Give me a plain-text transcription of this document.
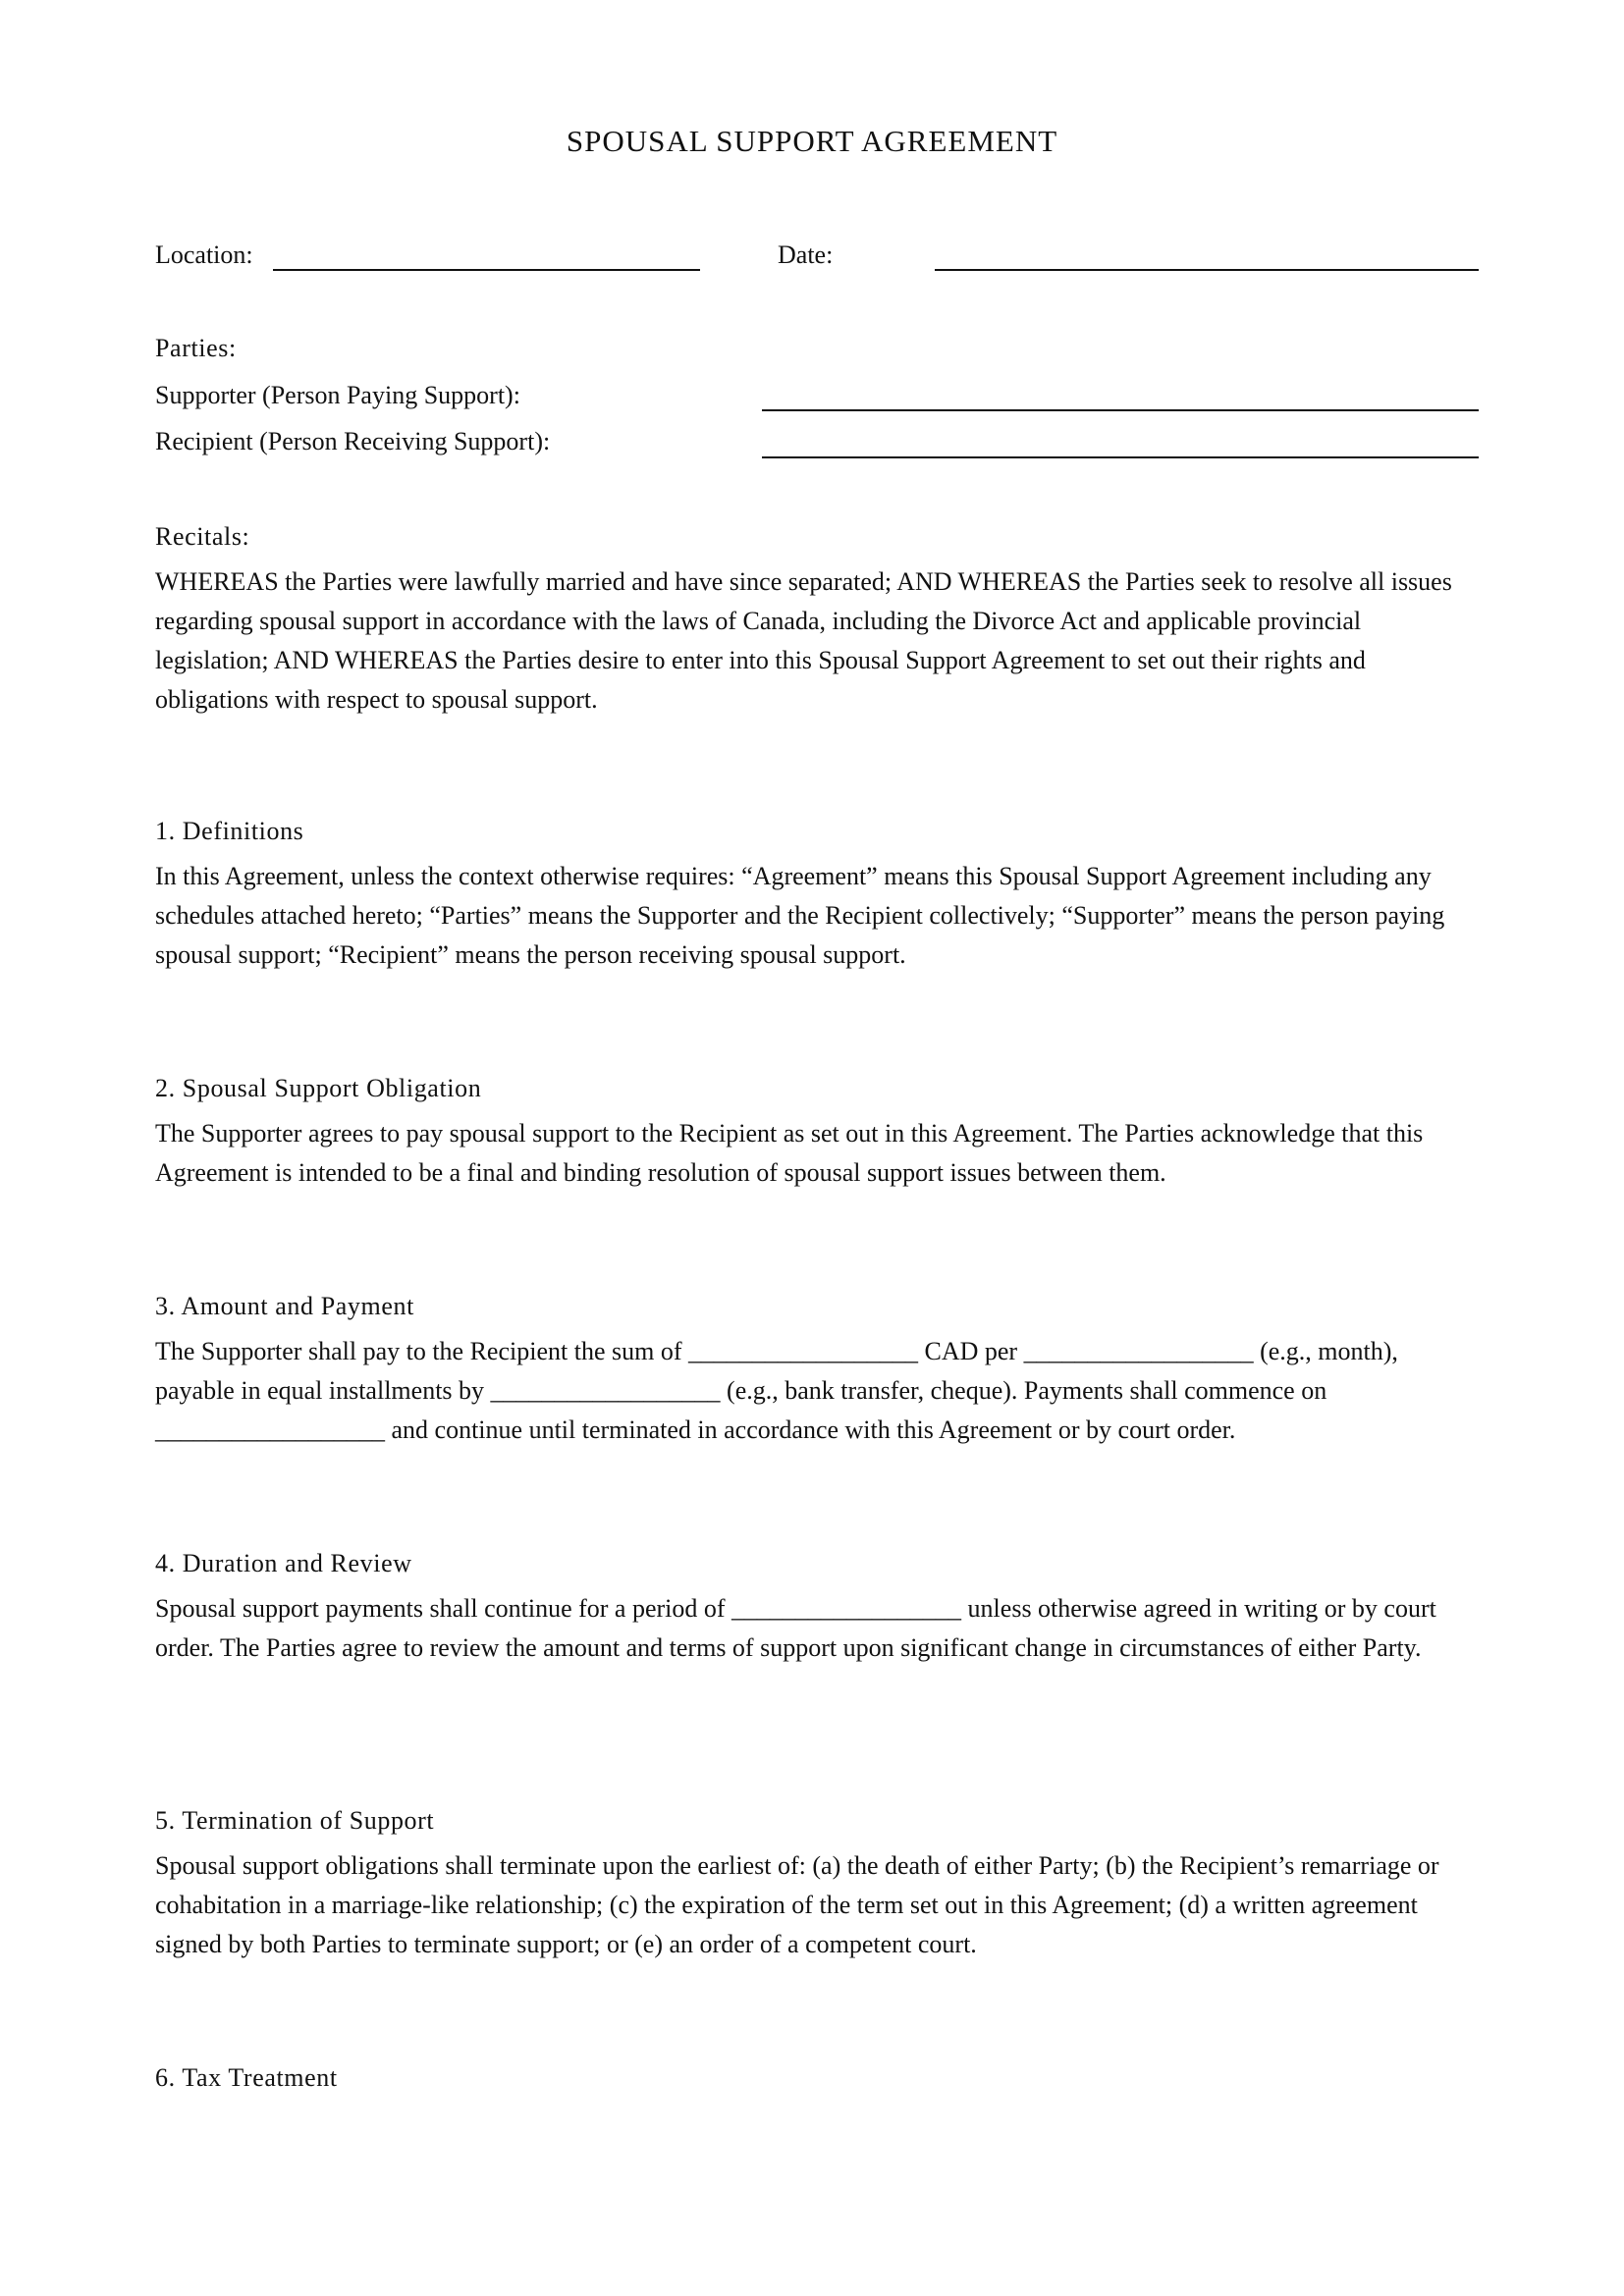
SPOUSAL SUPPORT AGREEMENT
Location:	Date:
Parties:
Supporter (Person Paying Support):
Recipient (Person Receiving Support):
Recitals:
WHEREAS the Parties were lawfully married and have since separated; AND WHEREAS the Parties seek to resolve all issues regarding spousal support in accordance with the laws of Canada, including the Divorce Act and applicable provincial legislation; AND WHEREAS the Parties desire to enter into this Spousal Support Agreement to set out their rights and obligations with respect to spousal support.
1. Definitions
In this Agreement, unless the context otherwise requires: “Agreement” means this Spousal Support Agreement including any schedules attached hereto; “Parties” means the Supporter and the Recipient collectively; “Supporter” means the person paying spousal support; “Recipient” means the person receiving spousal support.
2. Spousal Support Obligation
The Supporter agrees to pay spousal support to the Recipient as set out in this Agreement. The Parties acknowledge that this Agreement is intended to be a final and binding resolution of spousal support issues between them.
3. Amount and Payment
The Supporter shall pay to the Recipient the sum of __________________ CAD per __________________ (e.g., month), payable in equal installments by __________________ (e.g., bank transfer, cheque). Payments shall commence on __________________ and continue until terminated in accordance with this Agreement or by court order.
4. Duration and Review
Spousal support payments shall continue for a period of __________________ unless otherwise agreed in writing or by court order. The Parties agree to review the amount and terms of support upon significant change in circumstances of either Party.
5. Termination of Support
Spousal support obligations shall terminate upon the earliest of: (a) the death of either Party; (b) the Recipient’s remarriage or cohabitation in a marriage-like relationship; (c) the expiration of the term set out in this Agreement; (d) a written agreement signed by both Parties to terminate support; or (e) an order of a competent court.
6. Tax Treatment
